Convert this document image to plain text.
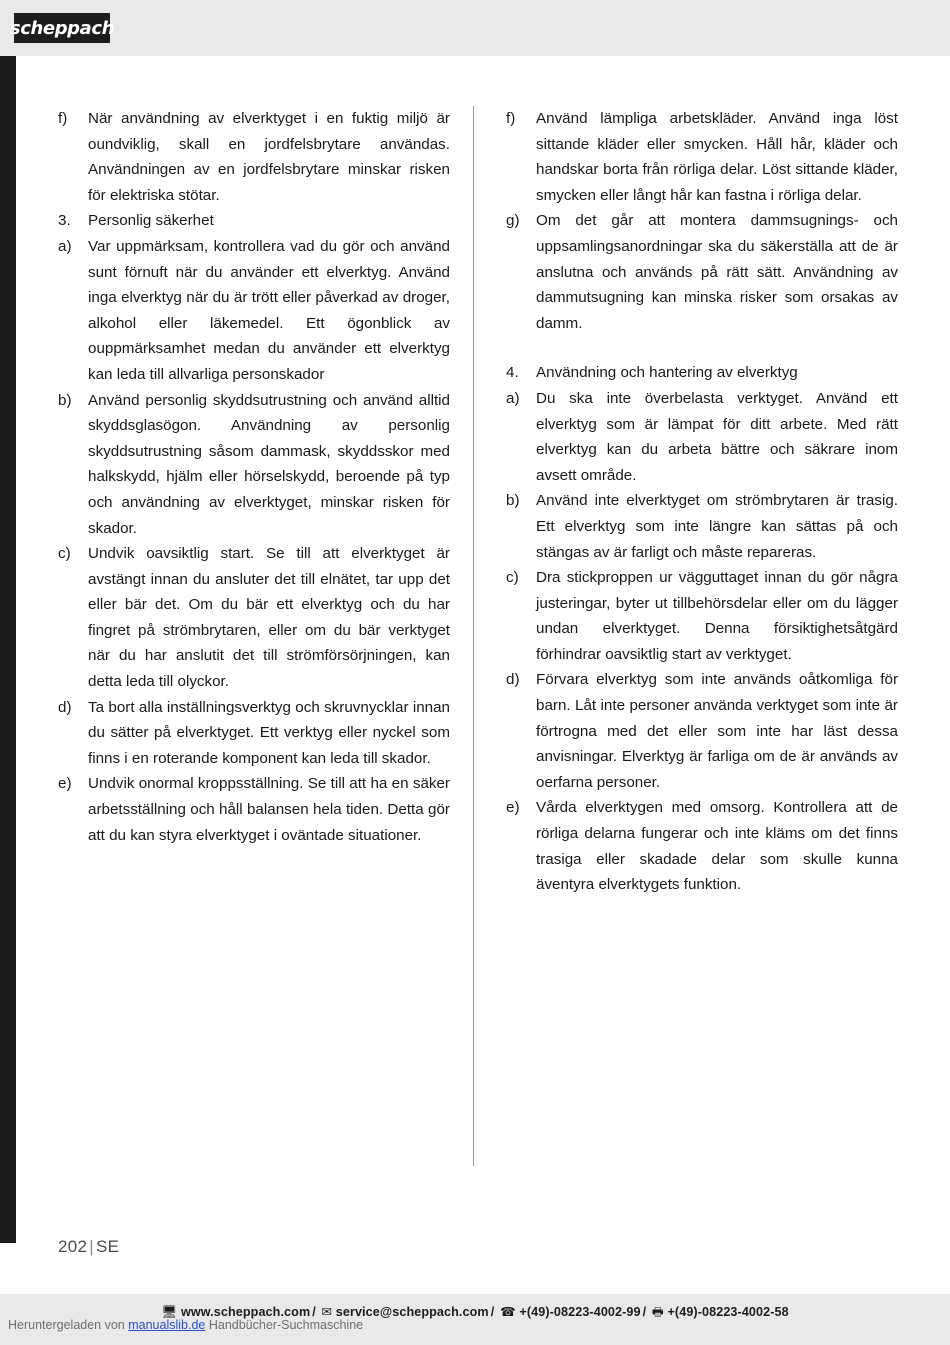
scheppach
f)	När användning av elverktyget i en fuktig miljö är oundviklig, skall en jordfelsbrytare användas. Användningen av en jordfelsbrytare minskar risken för elektriska stötar.
3.	Personlig säkerhet
a)	Var uppmärksam, kontrollera vad du gör och använd sunt förnuft när du använder ett elverktyg. Använd inga elverktyg när du är trött eller påverkad av droger, alkohol eller läkemedel. Ett ögonblick av ouppmärksamhet medan du använder ett elverktyg kan leda till allvarliga personskador
b)	Använd personlig skyddsutrustning och använd alltid skyddsglasögon. Användning av personlig skyddsutrustning såsom dammask, skyddsskor med halkskydd, hjälm eller hörselskydd, beroende på typ och användning av elverktyget, minskar risken för skador.
c)	Undvik oavsiktlig start. Se till att elverktyget är avstängt innan du ansluter det till elnätet, tar upp det eller bär det. Om du bär ett elverktyg och du har fingret på strömbrytaren, eller om du bär verktyget när du har anslutit det till strömförsörjningen, kan detta leda till olyckor.
d)	Ta bort alla inställningsverktyg och skruvnycklar innan du sätter på elverktyget. Ett verktyg eller nyckel som finns i en roterande komponent kan leda till skador.
e)	Undvik onormal kroppsställning. Se till att ha en säker arbetsställning och håll balansen hela tiden. Detta gör att du kan styra elverktyget i oväntade situationer.
f)	Använd lämpliga arbetskläder. Använd inga löst sittande kläder eller smycken. Håll hår, kläder och handskar borta från rörliga delar. Löst sittande kläder, smycken eller långt hår kan fastna i rörliga delar.
g)	Om det går att montera dammsugnings- och uppsamlingsanordningar ska du säkerställa att de är anslutna och används på rätt sätt. Användning av dammutsugning kan minska risker som orsakas av damm.
4.	Användning och hantering av elverktyg
a)	Du ska inte överbelasta verktyget. Använd ett elverktyg som är lämpat för ditt arbete. Med rätt elverktyg kan du arbeta bättre och säkrare inom avsett område.
b)	Använd inte elverktyget om strömbrytaren är trasig. Ett elverktyg som inte längre kan sättas på och stängas av är farligt och måste repareras.
c)	Dra stickproppen ur vägguttaget innan du gör några justeringar, byter ut tillbehörsdelar eller om du lägger undan elverktyget. Denna försiktighetsåtgärd förhindrar oavsiktlig start av verktyget.
d)	Förvara elverktyg som inte används oåtkomliga för barn. Låt inte personer använda verktyget som inte är förtrogna med det eller som inte har läst dessa anvisningar. Elverktyg är farliga om de är används av oerfarna personer.
e)	Vårda elverktygen med omsorg. Kontrollera att de rörliga delarna fungerar och inte kläms om det finns trasiga eller skadade delar som skulle kunna äventyra elverktygets funktion.
202 | SE
🖥 www.scheppach.com / ✉ service@scheppach.com / ☎ +(49)-08223-4002-99 / 🖶 +(49)-08223-4002-58
Heruntergeladen von manualslib.de Handbücher-Suchmaschine
